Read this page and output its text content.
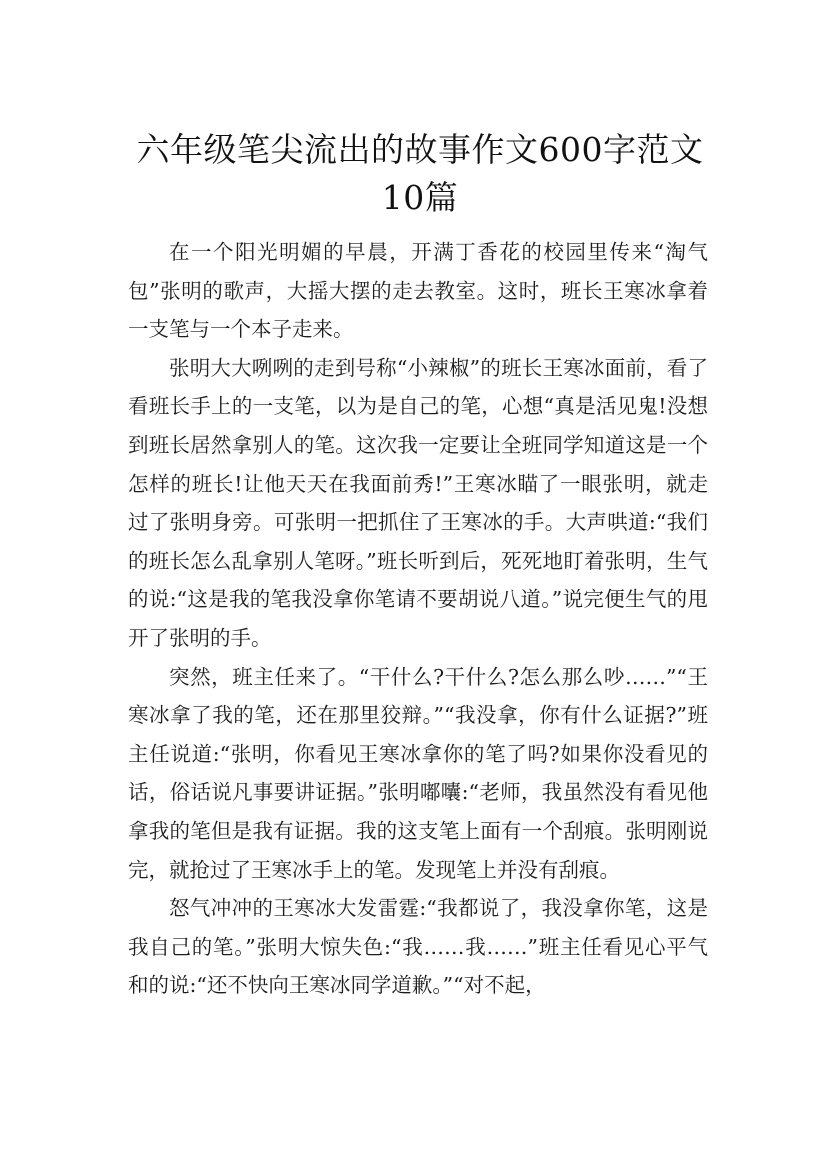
六年级笔尖流出的故事作文600字范文10篇

在一个阳光明媚的早晨，开满丁香花的校园里传来“淘气包”张明的歌声，大摇大摆的走去教室。这时，班长王寒冰拿着一支笔与一个本子走来。

张明大大咧咧的走到号称“小辣椒”的班长王寒冰面前，看了看班长手上的一支笔，以为是自己的笔，心想“真是活见鬼!没想到班长居然拿别人的笔。这次我一定要让全班同学知道这是一个怎样的班长!让他天天在我面前秀!”王寒冰瞄了一眼张明，就走过了张明身旁。可张明一把抓住了王寒冰的手。大声哄道:“我们的班长怎么乱拿别人笔呀。”班长听到后，死死地盯着张明，生气的说:“这是我的笔我没拿你笔请不要胡说八道。”说完便生气的甩开了张明的手。

突然，班主任来了。“干什么?干什么?怎么那么吵……”“王寒冰拿了我的笔，还在那里狡辩。”“我没拿，你有什么证据?”班主任说道:“张明，你看见王寒冰拿你的笔了吗?如果你没看见的话，俗话说凡事要讲证据。”张明嘟囔:“老师，我虽然没有看见他拿我的笔但是我有证据。我的这支笔上面有一个刮痕。张明刚说完，就抢过了王寒冰手上的笔。发现笔上并没有刮痕。

怒气冲冲的王寒冰大发雷霆:“我都说了，我没拿你笔，这是我自己的笔。”张明大惊失色:“我……我……”班主任看见心平气和的说:“还不快向王寒冰同学道歉。”“对不起，
